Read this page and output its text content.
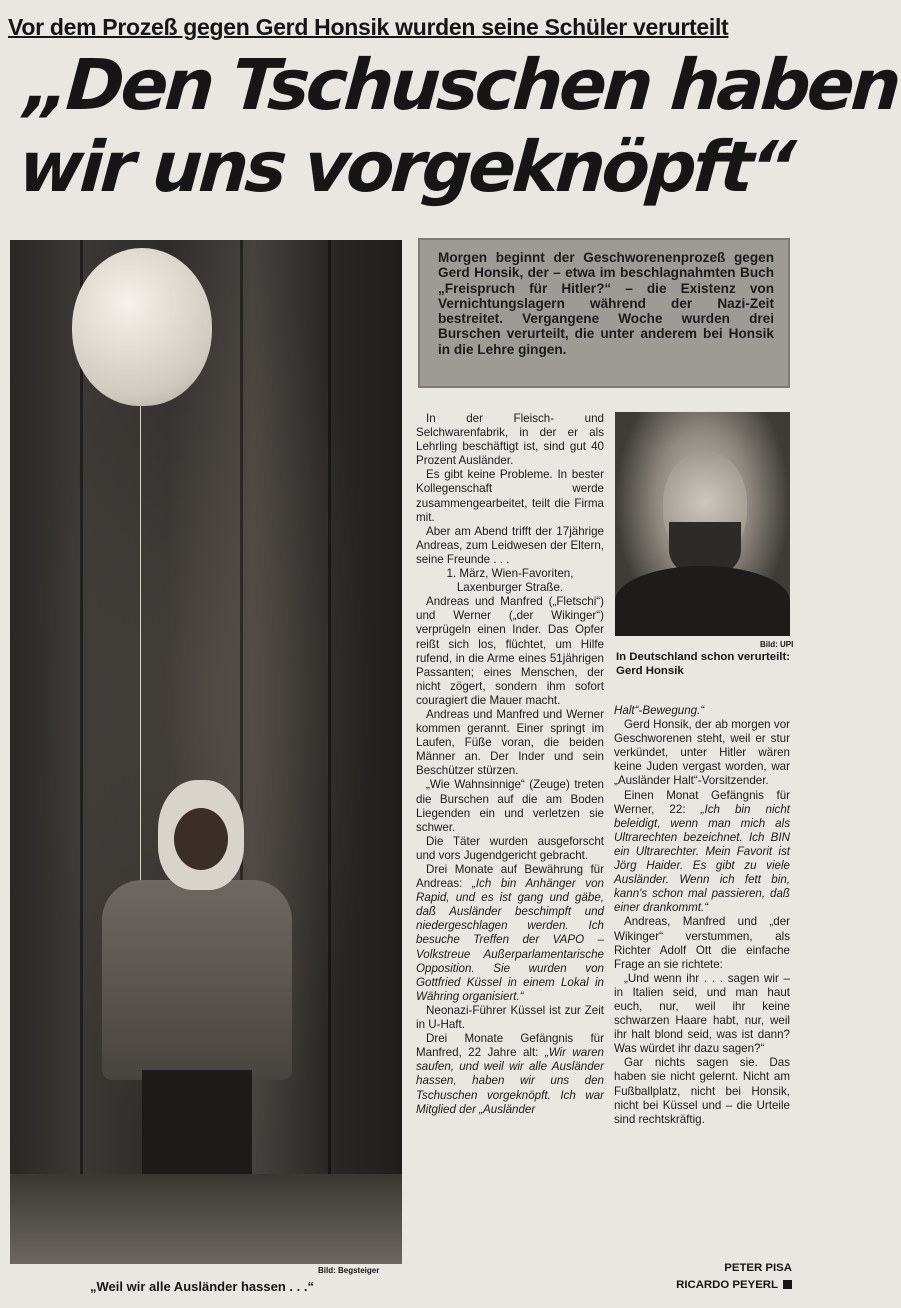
Vor dem Prozeß gegen Gerd Honsik wurden seine Schüler verurteilt
„Den Tschuschen haben
wir uns vorgeknöpft“
Bild: Begsteiger
„Weil wir alle Ausländer hassen . . .“

Morgen beginnt der Geschworenenprozeß gegen Gerd Honsik, der – etwa im beschlagnahmten Buch „Freispruch für Hitler?“ – die Existenz von Vernichtungslagern während der Nazi-Zeit bestreitet. Vergangene Woche wurden drei Burschen verurteilt, die unter anderem bei Honsik in die Lehre gingen.

In der Fleisch- und Selchwarenfabrik, in der er als Lehrling beschäftigt ist, sind gut 40 Prozent Ausländer.

Es gibt keine Probleme. In bester Kollegenschaft werde zusammengearbeitet, teilt die Firma mit.

Aber am Abend trifft der 17jährige Andreas, zum Leidwesen der Eltern, seine Freunde . . .

1. März, Wien-Favoriten, Laxenburger Straße.

Andreas und Manfred („Fletschi“) und Werner („der Wikinger“) verprügeln einen Inder. Das Opfer reißt sich los, flüchtet, um Hilfe rufend, in die Arme eines 51jährigen Passanten; eines Menschen, der nicht zögert, sondern ihm sofort couragiert die Mauer macht.

Andreas und Manfred und Werner kommen gerannt. Einer springt im Laufen, Füße voran, die beiden Männer an. Der Inder und sein Beschützer stürzen.

„Wie Wahnsinnige“ (Zeuge) treten die Burschen auf die am Boden Liegenden ein und verletzen sie schwer.

Die Täter wurden ausgeforscht und vors Jugendgericht gebracht.

Drei Monate auf Bewährung für Andreas: „Ich bin Anhänger von Rapid, und es ist gang und gäbe, daß Ausländer beschimpft und niedergeschlagen werden. Ich besuche Treffen der VAPO – Volkstreue Außerparlamentarische Opposition. Sie wurden von Gottfried Küssel in einem Lokal in Währing organisiert.“

Neonazi-Führer Küssel ist zur Zeit in U-Haft.

Drei Monate Gefängnis für Manfred, 22 Jahre alt: „Wir waren saufen, und weil wir alle Ausländer hassen, haben wir uns den Tschuschen vorgeknöpft. Ich war Mitglied der „Ausländer

Bild: UPI
In Deutschland schon verurteilt: Gerd Honsik

Halt“-Bewegung.“

Gerd Honsik, der ab morgen vor Geschworenen steht, weil er stur verkündet, unter Hitler wären keine Juden vergast worden, war „Ausländer Halt“-Vorsitzender.

Einen Monat Gefängnis für Werner, 22: „Ich bin nicht beleidigt, wenn man mich als Ultrarechten bezeichnet. Ich BIN ein Ultrarechter. Mein Favorit ist Jörg Haider. Es gibt zu viele Ausländer. Wenn ich fett bin, kann's schon mal passieren, daß einer drankommt.“

Andreas, Manfred und „der Wikinger“ verstummen, als Richter Adolf Ott die einfache Frage an sie richtete:

„Und wenn ihr . . . sagen wir – in Italien seid, und man haut euch, nur, weil ihr keine schwarzen Haare habt, nur, weil ihr halt blond seid, was ist dann? Was würdet ihr dazu sagen?“

Gar nichts sagen sie. Das haben sie nicht gelernt. Nicht am Fußballplatz, nicht bei Honsik, nicht bei Küssel und – die Urteile sind rechtskräftig.

PETER PISA
RICARDO PEYERL
